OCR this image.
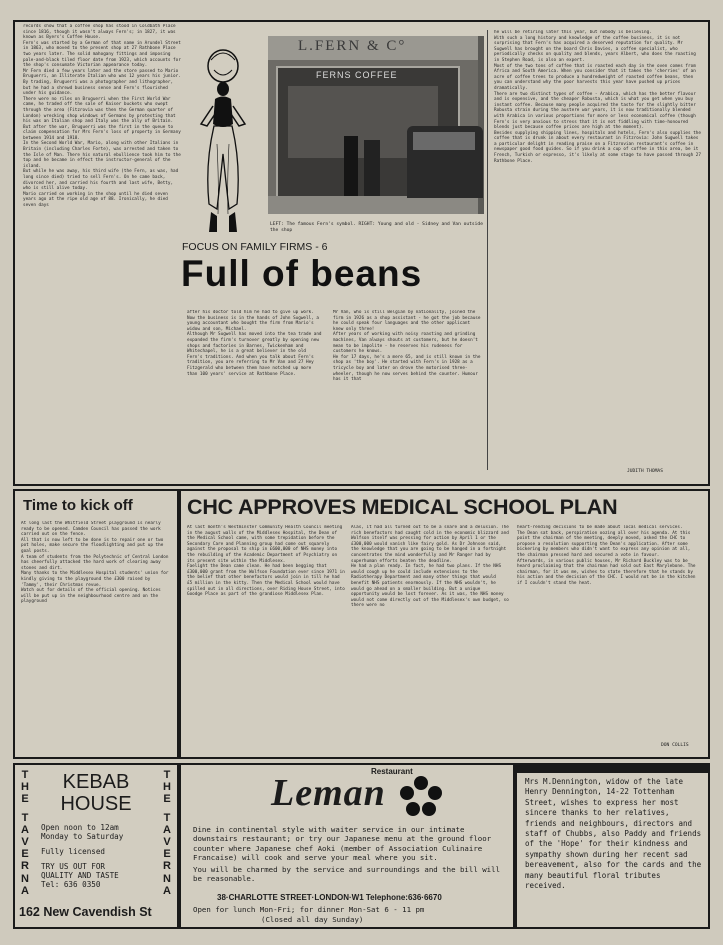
records show that a coffee shop has stood in Coldbath Place since 1816, though it wasn't always Fern's; in 1827, it was known as Byers's Coffee House.
Fern's was started by a German of that name in Arundel Street in 1863, who moved to the present shop at 27 Rathbone Place two years later. The solid mahogany fittings and imposing pale-and-black tiled floor date from 1923, which accounts for the shop's consumate Victorian appearance today.
Mr Fern died a few years later and the store passed to Mario Bruguerri, an Illiterate Italian who was 12 years his junior. By trading, Bruguerri was a photographer and lithographer, but he had a shrewd business sense and Fern's flourished under his guidance.
There were no riles on Bruguerri when the First World War came, he traded off the sale of Kaiser buckets who swept through the area (Fitzrovia was then the German quarter of London) wrecking shop windows of Germans by protesting that his was an Italian shop and Italy was the ally of Britain. But after the war, Bruguerri was the first in the queue to claim compensation for Mrs Fern's loss of property in Germany between 1914 and 1918.
In the Second World War, Mario, along with other Italians in Britain (including Charles Forte), was arrested and taken to the Isle of Man. There his natural ebullience took him to the top and he became in effect the instructor-general of the island.
But while he was away, his third wife (the Fern, as was, had long since died) tried to sell Fern's. On he came back, divorced her, and carried his fourth and last wife, Betty, who is still alive today.
Mario carried on working in the shop until he died seven years ago at the ripe old age of 88. Ironically, he died seven days
L.FERN & C°
FERNS COFFEE
LEFT: The famous Fern's symbol. RIGHT: Young and old - Sidney and Van outside the shop
FOCUS ON FAMILY FIRMS - 6
Full of beans
after his doctor told him he had to give up work.
Now the business is in the hands of John Sugwell, a young accountant who bought the firm from Mario's widow and son, Michael.
Although Mr Sugwell has moved into the tea trade and expanded the firm's turnover greatly by opening new shops and factories in Barnes, Twickenham and Whitechapel, he is a great believer in the old Fern's traditions. And when you talk about Fern's tradition, you are referring to Mr Van and 27 Hey Fitzgerald who between them have notched up more than 100 years' service at Rathbone Place.
Mr Van, who is still Belgian by nationality, joined the firm in 1926 as a shop assistant - he got the job because he could speak four languages and the other applicant knew only three!
After years of working with noisy roasting and grinding machines, Van always shouts at customers, but he doesn't mean to be impolite - he reserves his rudeness for customers he knows.
He for 17 days, he's a mere 65, and is still known in the shop as 'the boy'. He started with Fern's in 1928 as a tricycle boy and later on drove the motorised three-wheeler, though he now serves behind the counter. Humour has it that
he will be retiring later this year, but nobody is believing.
With such a long history and knowledge of the coffee business, it is not surprising that Fern's has acquired a deserved reputation for quality. Mr Sugwell has brought on the board Chris Davies, a coffee specialist, who periodically checks on quality and blends, years Albert, who does the roasting in Stephen Road, is also an expert.
Most of the two tons of coffee that is roasted each day in the oven comes from Africa and South America. When you consider that it takes the 'cherries' of an acre of coffee trees to produce a hundredweight of roasted coffee beans, then you can understand why the poor harvests this year have pushed up prices dramatically.
There are two distinct types of coffee - Arabica, which has the better flavour and is expensive, and the cheaper Robusta, which is what you get when you buy instant coffee. Because many people acquired the taste for the slightly bitter Robusta strain during the austere war years, it is now traditionally blended with Arabica in various proportions for more or less economical coffee (though Fern's is very anxious to stress that it is not fiddling with time-honoured blends just because coffee prices are high at the moment).
Besides supplying shipping lines, hospitals and hotels, Fern's also supplies the coffee that is drunk in about every restaurant in Fitzrovia: John Sugwell takes a particular delight in reading praise on a Fitzrovian restaurant's coffee in newspaper good food guides. So if you drink a cup of coffee in this area, be it French, Turkish or espresso, it's likely at some stage to have passed through 27 Rathbone Place.
JUDITH THOMAS
Time to kick off
At long last the Whitfield Street playground is nearly ready to be opened. Camden Council has passed the work carried out on the fence.
All that is now left to be done is to repair one or two pot holes, make secure the floodlighting and put up the goal posts.
A team of students from the Polytechnic of Central London has cheerfully attacked the hard work of clearing away stones and dirt.
Many thanks to the Middlesex Hospital students' union for kindly giving to the playground the £300 raised by 'Tammy', their Christmas revue.
Watch out for details of the official opening. Notices will be put up in the neighbourhood centre and on the playground
CHC APPROVES MEDICAL SCHOOL PLAN
At last month's Westminster Community Health Council meeting in the august walls of the Middlesex Hospital, the Dean of the Medical School came, with some trepidation before the Secondary Care and Planning group had come out squarely against the proposal to ship in £600,000 of NHS money into the rebuilding of the Academic Department of Psychiatry on its present site within the Middlesex.
Faelight the Dean came clean. He had been begging that £300,000 grant from the Wolfson Foundation ever since 1971 in the belief that other benefactors would join in till he had £5 million in the kitty. Then the Medical School would have spilled out in all directions, over Riding House Street, into Goodge Place as part of the grandiose Middlesex Plan.
Alas, it had all turned out to be a snare and a delusion. The rich benefactors had caught cold in the economic blizzard and Wolfson itself was pressing for action by April 1 or the £300,000 would vanish like fairy gold. As Dr Johnson said, the knowledge that you are going to be hanged in a fortnight concentrates the mind wonderfully and Mr Ranger had by superhuman efforts beaten the deadline.
He had a plan ready. In fact, he had two plans. If the NHS would cough up he could include extensions to the Radiotherapy Department and many other things that would benefit NHS patients enormously. If the NHS wouldn't, he would go ahead on a smaller building. But a unique opportunity would be lost forever. As it was, the NHS money would not come directly out of the Middlesex's own budget, so there were no
heart-rending decisions to be made about local medical services.
The Dean sat back, perspiration oozing all over his agenda. At this point the chairman of the meeting, deeply moved, asked the CHC to propose a resolution supporting the Dean's application. After some bickering by members who didn't want to express any opinion at all, the chairman pressed hard and secured a vote in favour.
Afterwards, in various public houses, Mr Richard Buckley was to be heard proclaiming that the chairman had sold out East Marylebone. The chairman, for it was me, wishes to state therefore that he stands by his action and the decision of the CHC. I would not be in the kitchen if I couldn't stand the heat.
DON COLLIS
T
H
E
T
A
V
E
R
N
A
KEBAB
HOUSE
Open noon to 12am
Monday to Saturday
Fully licensed
TRY US OUT FOR
QUALITY AND TASTE
Tel: 636 0350
T
H
E
T
A
V
E
R
N
A
162 New Cavendish St
Restaurant
Leman
Dine in continental style with waiter service in our intimate downstairs restaurant; or try our Japanese menu at the ground floor counter where Japanese chef Aoki (member of Association Culinaire Francaise) will cook and serve your meal where you sit.
You will be charmed by the service and surroundings and the bill will be reasonable.
38·CHARLOTTE STREET·LONDON·W1 Telephone:636·6670
Open for lunch Mon-Fri; for dinner Mon-Sat 6 - 11 pm
(Closed all day Sunday)
Mrs M.Dennington, widow of the late Henry Dennington, 14-22 Tottenham Street, wishes to express her most sincere thanks to her relatives, friends and neighbours, directors and staff of Chubbs, also Paddy and friends of the 'Hope' for their kindness and sympathy shown during her recent sad bereavement, also for the cards and the many beautiful floral tributes received.
